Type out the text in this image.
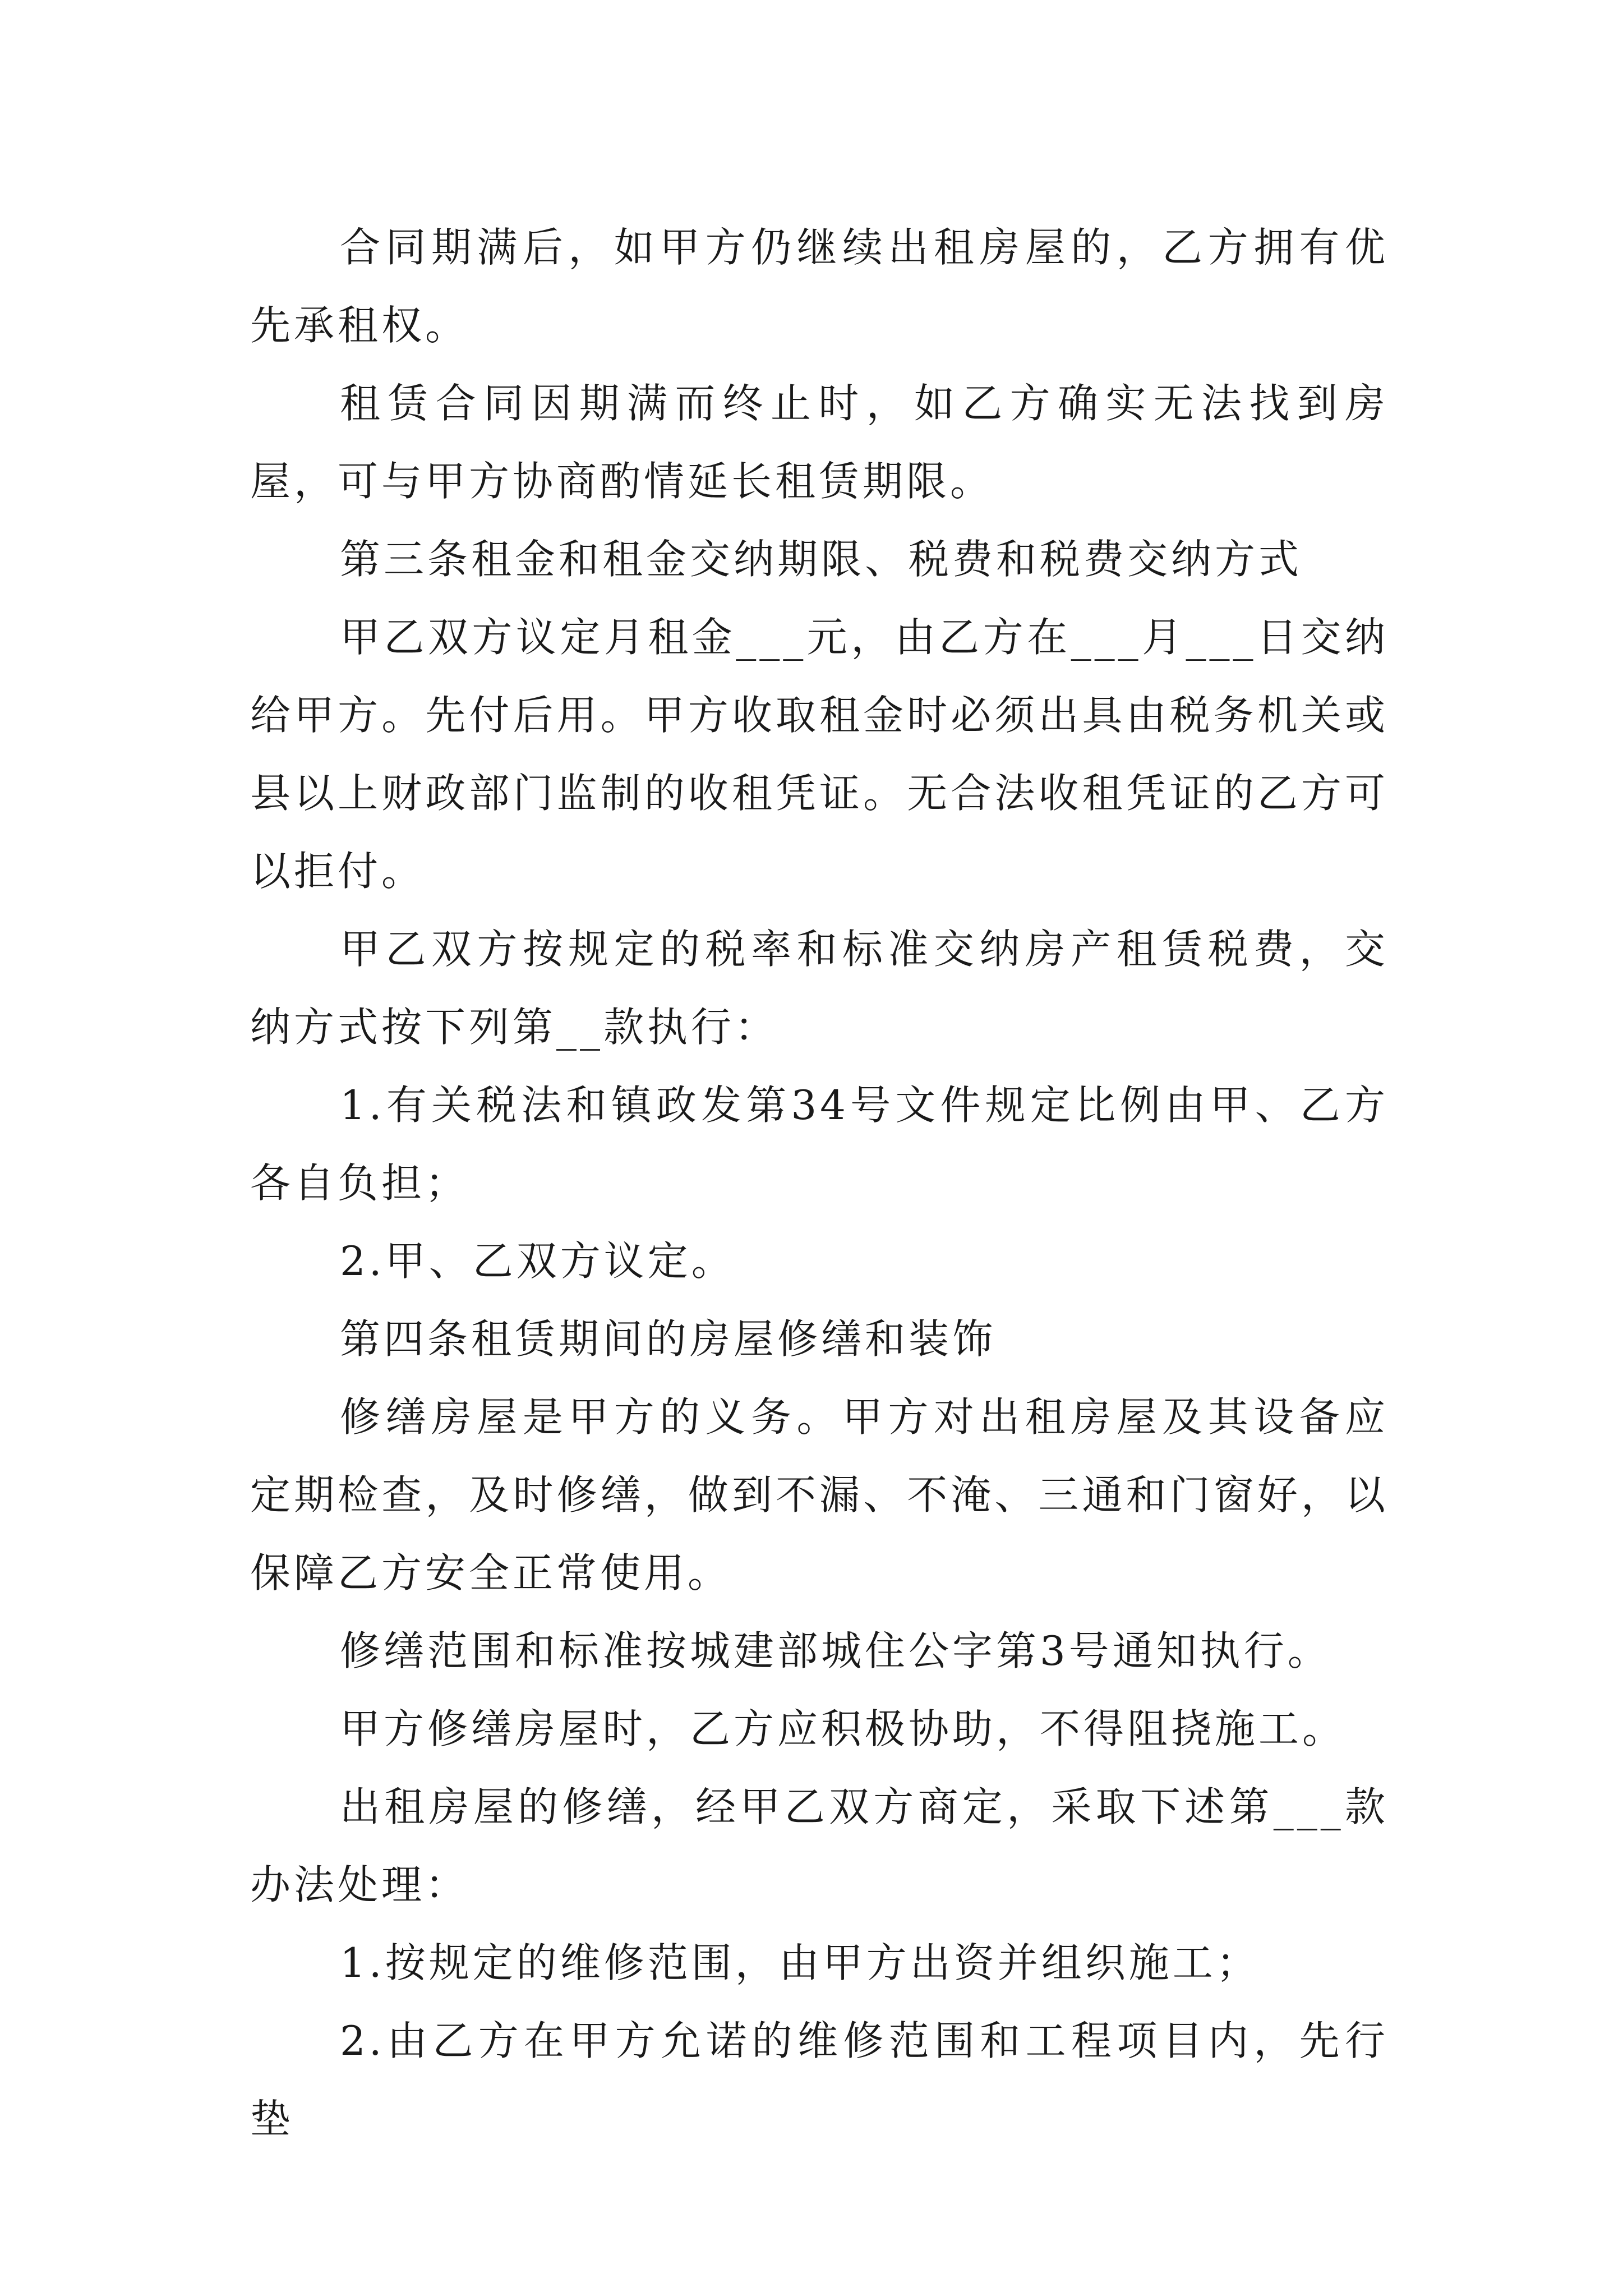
合同期满后，如甲方仍继续出租房屋的，乙方拥有优先承租权。

租赁合同因期满而终止时，如乙方确实无法找到房屋，可与甲方协商酌情延长租赁期限。

第三条租金和租金交纳期限、税费和税费交纳方式

甲乙双方议定月租金___元，由乙方在___月___日交纳给甲方。先付后用。甲方收取租金时必须出具由税务机关或县以上财政部门监制的收租凭证。无合法收租凭证的乙方可以拒付。

甲乙双方按规定的税率和标准交纳房产租赁税费，交纳方式按下列第__款执行：

1.有关税法和镇政发第34号文件规定比例由甲、乙方各自负担；

2.甲、乙双方议定。

第四条租赁期间的房屋修缮和装饰

修缮房屋是甲方的义务。甲方对出租房屋及其设备应定期检查，及时修缮，做到不漏、不淹、三通和门窗好，以保障乙方安全正常使用。

修缮范围和标准按城建部城住公字第3号通知执行。

甲方修缮房屋时，乙方应积极协助，不得阻挠施工。

出租房屋的修缮，经甲乙双方商定，采取下述第___款办法处理：

1.按规定的维修范围，由甲方出资并组织施工；

2.由乙方在甲方允诺的维修范围和工程项目内，先行垫
